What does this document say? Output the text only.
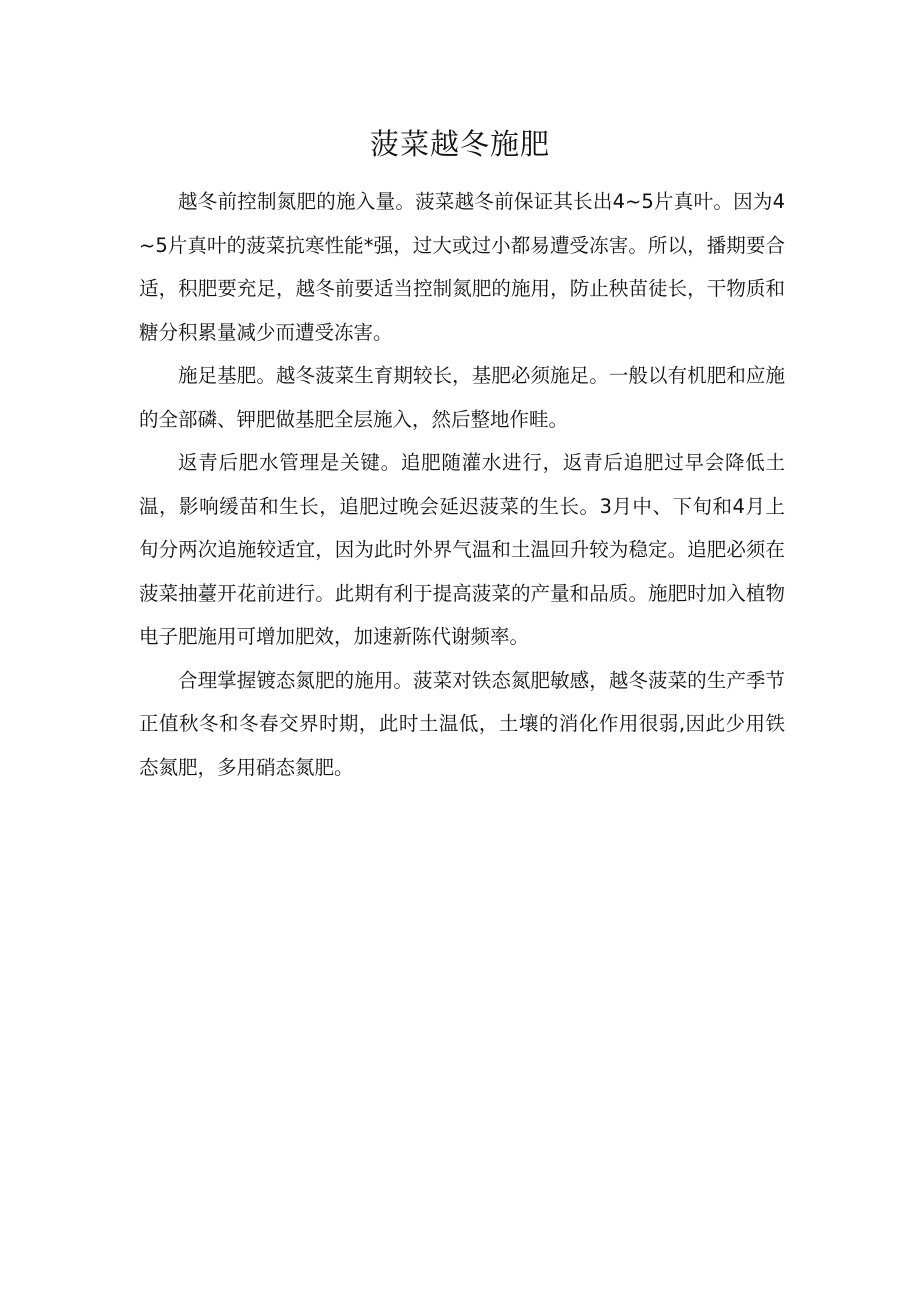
菠菜越冬施肥

越冬前控制氮肥的施入量。菠菜越冬前保证其长出4~5片真叶。因为4~5片真叶的菠菜抗寒性能*强，过大或过小都易遭受冻害。所以，播期要合适，积肥要充足，越冬前要适当控制氮肥的施用，防止秧苗徒长，干物质和糖分积累量减少而遭受冻害。

施足基肥。越冬菠菜生育期较长，基肥必须施足。一般以有机肥和应施的全部磷、钾肥做基肥全层施入，然后整地作畦。

返青后肥水管理是关键。追肥随灌水进行，返青后追肥过早会降低土温，影响缓苗和生长，追肥过晚会延迟菠菜的生长。3月中、下旬和4月上旬分两次追施较适宜，因为此时外界气温和土温回升较为稳定。追肥必须在菠菜抽薹开花前进行。此期有利于提高菠菜的产量和品质。施肥时加入植物电子肥施用可增加肥效，加速新陈代谢频率。

合理掌握镀态氮肥的施用。菠菜对铁态氮肥敏感，越冬菠菜的生产季节正值秋冬和冬春交界时期，此时土温低，土壤的消化作用很弱,因此少用铁态氮肥，多用硝态氮肥。
